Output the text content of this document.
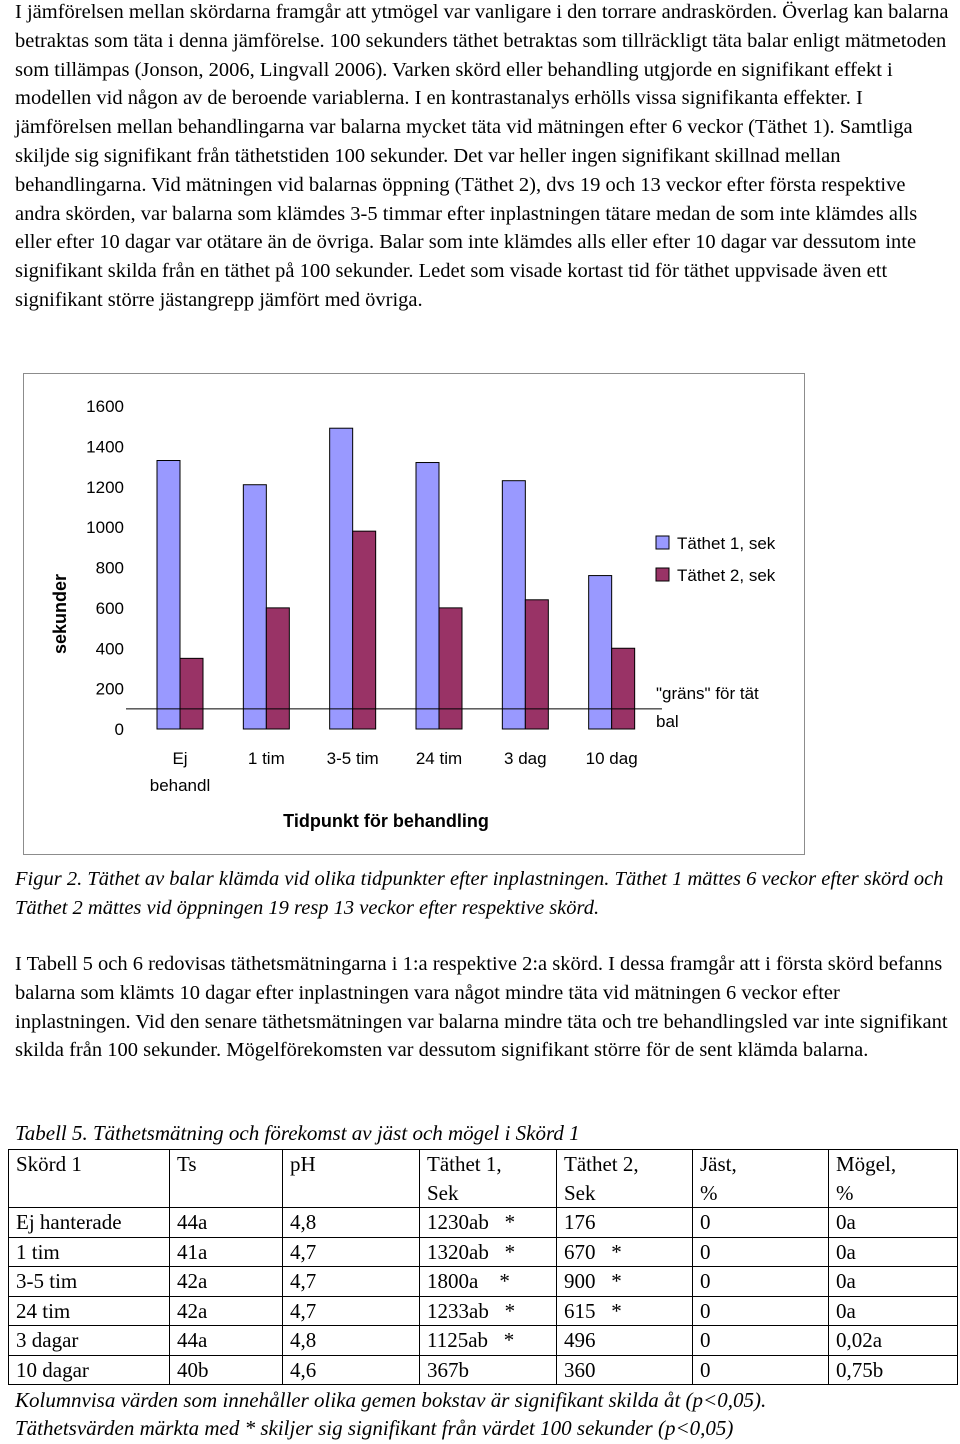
I jämförelsen mellan skördarna framgår att ytmögel var vanligare i den torrare andraskörden. Överlag kan balarna betraktas som täta i denna jämförelse. 100 sekunders täthet betraktas som tillräckligt täta balar enligt mätmetoden som tillämpas (Jonson, 2006, Lingvall 2006). Varken skörd eller behandling utgjorde en signifikant effekt i modellen vid någon av de beroende variablerna. I en kontrastanalys erhölls vissa signifikanta effekter. I jämförelsen mellan behandlingarna var balarna mycket täta vid mätningen efter 6 veckor (Täthet 1). Samtliga skiljde sig signifikant från täthetstiden 100 sekunder. Det var heller ingen signifikant skillnad mellan behandlingarna. Vid mätningen vid balarnas öppning (Täthet 2), dvs 19 och 13 veckor efter första respektive andra skörden, var balarna som klämdes 3-5 timmar efter inplastningen tätare medan de som inte klämdes alls eller efter 10 dagar var otätare än de övriga. Balar som inte klämdes alls eller efter 10 dagar var dessutom inte signifikant skilda från en täthet på 100 sekunder. Ledet som visade kortast tid för täthet uppvisade även ett signifikant större jästangrepp jämfört med övriga.

0
200
400
600
800
1000
1200
1400
1600
sekunder
Ej
behandl
1 tim 3-5 tim 24 tim 3 dag 10 dag
Tidpunkt för behandling
Täthet 1, sek
Täthet 2, sek
"gräns" för tät
bal

Figur 2. Täthet av balar klämda vid olika tidpunkter efter inplastningen. Täthet 1 mättes 6 veckor efter skörd och Täthet 2 mättes vid öppningen 19 resp 13 veckor efter respektive skörd.

I Tabell 5 och 6 redovisas täthetsmätningarna i 1:a respektive 2:a skörd. I dessa framgår att i första skörd befanns balarna som klämts 10 dagar efter inplastningen vara något mindre täta vid mätningen 6 veckor efter inplastningen. Vid den senare täthetsmätningen var balarna mindre täta och tre behandlingsled var inte signifikant skilda från 100 sekunder. Mögelförekomsten var dessutom signifikant större för de sent klämda balarna.

Tabell 5. Täthetsmätning och förekomst av jäst och mögel i Skörd 1

Skörd 1	Ts	pH	Täthet 1,
Sek	Täthet 2,
Sek	Jäst,
%	Mögel,
%
Ej hanterade	44a	4,8	1230ab   *	176	0	0a
1 tim	41a	4,7	1320ab   *	670   *	0	0a
3-5 tim	42a	4,7	1800a    *	900   *	0	0a
24 tim	42a	4,7	1233ab   *	615   *	0	0a
3 dagar	44a	4,8	1125ab   *	496	0	0,02a
10 dagar	40b	4,6	367b	360	0	0,75b

Kolumnvisa värden som innehåller olika gemen bokstav är signifikant skilda åt (p<0,05).

Täthetsvärden märkta med * skiljer sig signifikant från värdet 100 sekunder (p<0,05)
